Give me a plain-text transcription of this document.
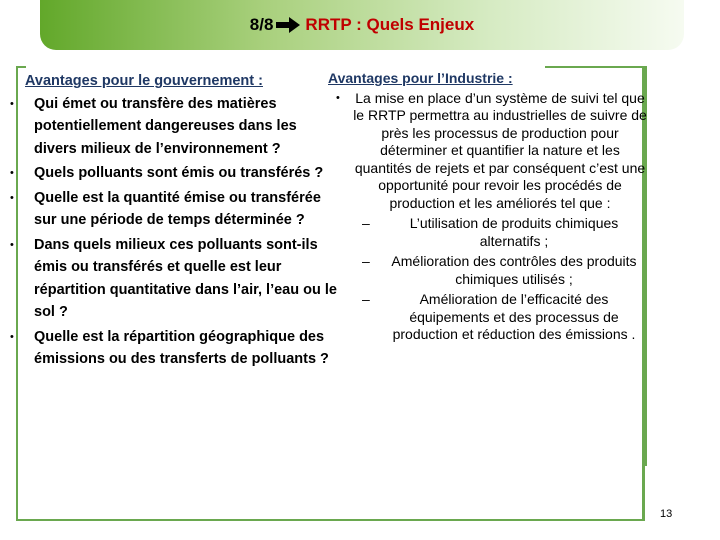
8/8 RRTP : Quels Enjeux
Avantages pour le gouvernement :
• Qui émet ou transfère des matières potentiellement dangereuses dans les divers milieux de l’environnement ?
• Quels polluants sont émis ou transférés ?
• Quelle est la quantité émise ou transférée sur une période de temps déterminée ?
• Dans quels milieux ces polluants sont-ils émis ou transférés et quelle est leur répartition quantitative dans l’air, l’eau ou le sol ?
• Quelle est la répartition géographique des émissions ou des transferts de polluants ?
Avantages pour l’Industrie :
• La mise en place d’un système de suivi tel que le RRTP permettra au industrielles de suivre de près les processus de production pour déterminer et quantifier la nature et les quantités de rejets et par conséquent c’est une opportunité pour revoir les procédés de production et les améliorés tel que :
–	L’utilisation de produits chimiques alternatifs ;
– Amélioration des contrôles des produits chimiques utilisés ;
–	Amélioration de l’efficacité des équipements et des processus de production et réduction des émissions .
13
